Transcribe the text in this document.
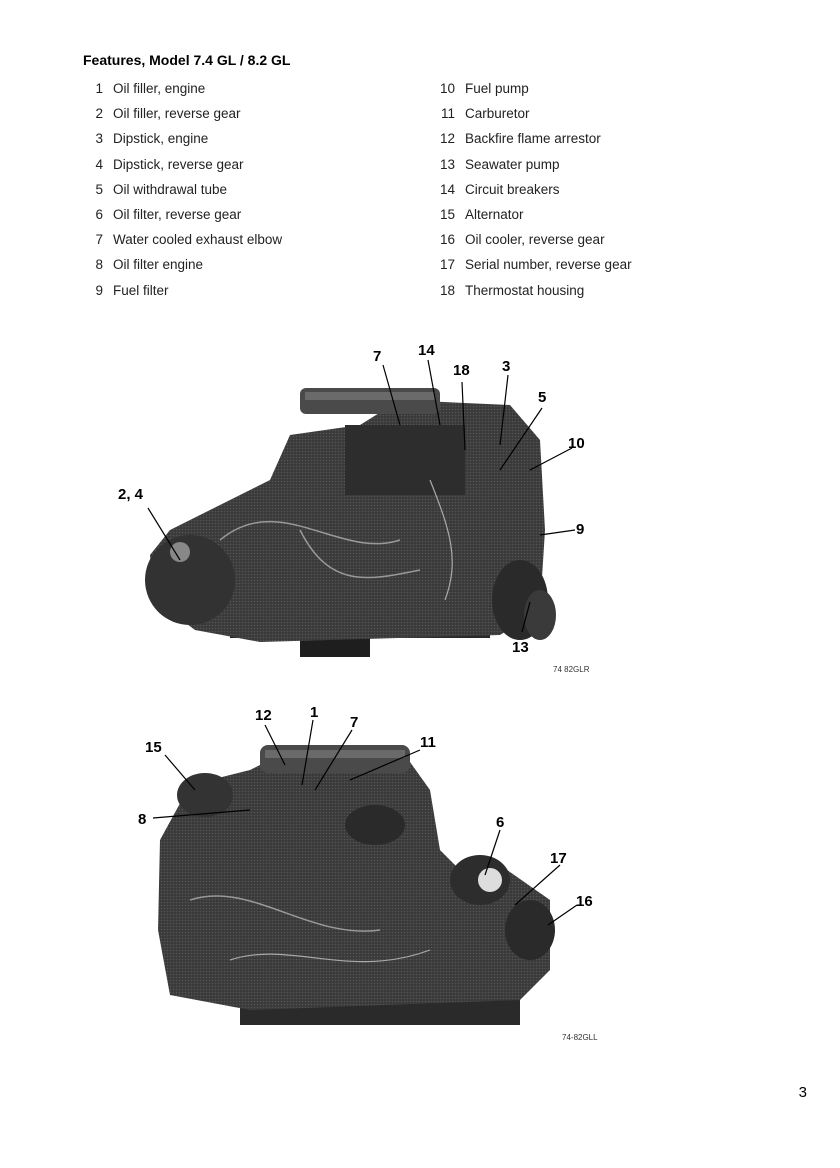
Features, Model 7.4 GL / 8.2 GL
1 Oil filler, engine
2 Oil filler, reverse gear
3 Dipstick, engine
4 Dipstick, reverse gear
5 Oil withdrawal tube
6 Oil filter, reverse gear
7 Water cooled exhaust elbow
8 Oil filter engine
9 Fuel filter
10 Fuel pump
11 Carburetor
12 Backfire flame arrestor
13 Seawater pump
14 Circuit breakers
15 Alternator
16 Oil cooler, reverse gear
17 Serial number, reverse gear
18 Thermostat housing
7 14
18 3
5
10
9
2, 4
13
74 82GLR
12	1
7
11
15
8	6
17
16
74-82GLL
3
